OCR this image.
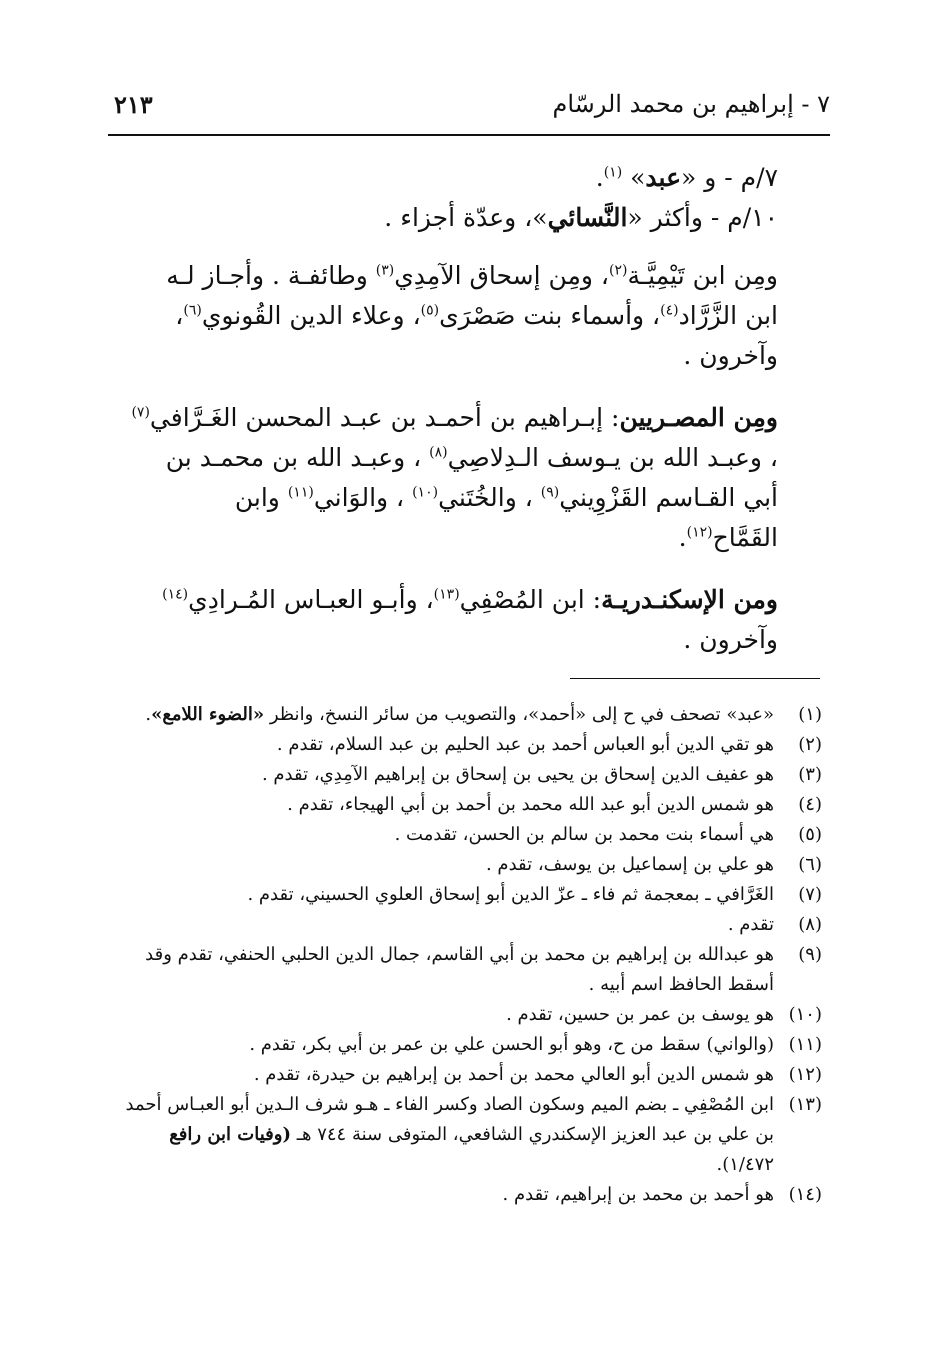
٧ - إبراهيم بن محمد الرسّام
٢١٣

٧/م - و «عبد» $^{(١)}$.

١٠/م - وأكثر «النَّسائي»، وعدّة أجزاء .

ومِن ابن تَيْمِيَّـة$^{(٢)}$، ومِن إسحاق الآمِدِي$^{(٣)}$ وطائفـة . وأجـاز لـه ابن الزَّرَّاد$^{(٤)}$، وأسماء بنت صَصْرَى$^{(٥)}$، وعلاء الدين القُونوي$^{(٦)}$، وآخرون .

ومِن المصـريين: إبـراهيم بن أحمـد بن عبـد المحسن الغَـرَّافي$^{(٧)}$ ، وعبـد الله بن يـوسف الـدِلاصِي$^{(٨)}$ ، وعبـد الله بن محمـد بن أبي القـاسم القَزْوِيني$^{(٩)}$ ، والخُتَني$^{(١٠)}$ ، والوَاني$^{(١١)}$ وابن القَمَّاح$^{(١٢)}$.

ومن الإسكنـدريـة: ابن المُصْفِي$^{(١٣)}$، وأبـو العبـاس المُـرادِي$^{(١٤)}$ وآخرون .

(١)
«عبد» تصحف في ح إلى «أحمد»، والتصويب من سائر النسخ، وانظر «الضوء اللامع».

(٢)
هو تقي الدين أبو العباس أحمد بن عبد الحليم بن عبد السلام، تقدم .

(٣)
هو عفيف الدين إسحاق بن يحيى بن إسحاق بن إبراهيم الآمِدِي، تقدم .

(٤)
هو شمس الدين أبو عبد الله محمد بن أحمد بن أبي الهيجاء، تقدم .

(٥)
هي أسماء بنت محمد بن سالم بن الحسن، تقدمت .

(٦)
هو علي بن إسماعيل بن يوسف، تقدم .

(٧)
الغَرَّافي ـ بمعجمة ثم فاء ـ عزّ الدين أبو إسحاق العلوي الحسيني، تقدم .

(٨)
تقدم .

(٩)
هو عبدالله بن إبراهيم بن محمد بن أبي القاسم، جمال الدين الحلبي الحنفي، تقدم وقد أسقط الحافظ اسم أبيه .

(١٠)
هو يوسف بن عمر بن حسين، تقدم .

(١١)
(والواني) سقط من ح، وهو أبو الحسن علي بن عمر بن أبي بكر، تقدم .

(١٢)
هو شمس الدين أبو العالي محمد بن أحمد بن إبراهيم بن حيدرة، تقدم .

(١٣)
ابن المُصْفِي ـ بضم الميم وسكون الصاد وكسر الفاء ـ هـو شرف الـدين أبو العبـاس أحمد بن علي بن عبد العزيز الإسكندري الشافعي، المتوفى سنة ٧٤٤ هـ (وفيات ابن رافع ١/٤٧٢).

(١٤)
هو أحمد بن محمد بن إبراهيم، تقدم .
